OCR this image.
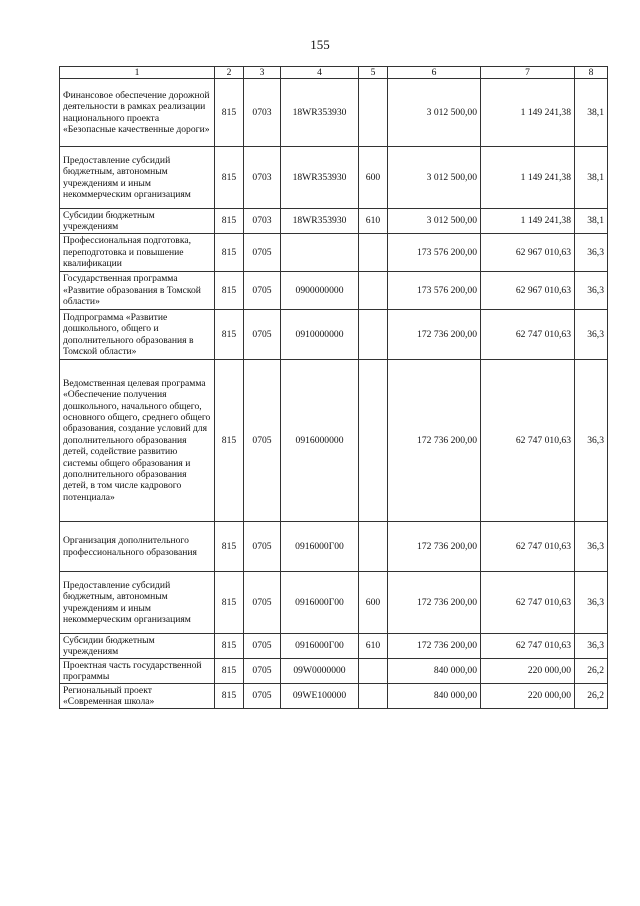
155
1	2	3	4	5	6	7	8
Финансовое обеспечение дорожной деятельности в рамках реализации национального проекта «Безопасные качественные дороги»	815	0703	18WR353930		3 012 500,00	1 149 241,38	38,1
Предоставление субсидий бюджетным, автономным учреждениям и иным некоммерческим организациям	815	0703	18WR353930	600	3 012 500,00	1 149 241,38	38,1
Субсидии бюджетным учреждениям	815	0703	18WR353930	610	3 012 500,00	1 149 241,38	38,1
Профессиональная подготовка, переподготовка и повышение квалификации	815	0705			173 576 200,00	62 967 010,63	36,3
Государственная программа «Развитие образования в Томской области»	815	0705	0900000000		173 576 200,00	62 967 010,63	36,3
Подпрограмма «Развитие дошкольного, общего и дополнительного образования в Томской области»	815	0705	0910000000		172 736 200,00	62 747 010,63	36,3
Ведомственная целевая программа «Обеспечение получения дошкольного, начального общего, основного общего, среднего общего образования, создание условий для дополнительного образования детей, содействие развитию системы общего образования и дополнительного образования детей, в том числе кадрового потенциала»	815	0705	0916000000		172 736 200,00	62 747 010,63	36,3
Организация дополнительного профессионального образования	815	0705	0916000Г00		172 736 200,00	62 747 010,63	36,3
Предоставление субсидий бюджетным, автономным учреждениям и иным некоммерческим организациям	815	0705	0916000Г00	600	172 736 200,00	62 747 010,63	36,3
Субсидии бюджетным учреждениям	815	0705	0916000Г00	610	172 736 200,00	62 747 010,63	36,3
Проектная часть государственной программы	815	0705	09W0000000		840 000,00	220 000,00	26,2
Региональный проект «Современная школа»	815	0705	09WE100000		840 000,00	220 000,00	26,2
